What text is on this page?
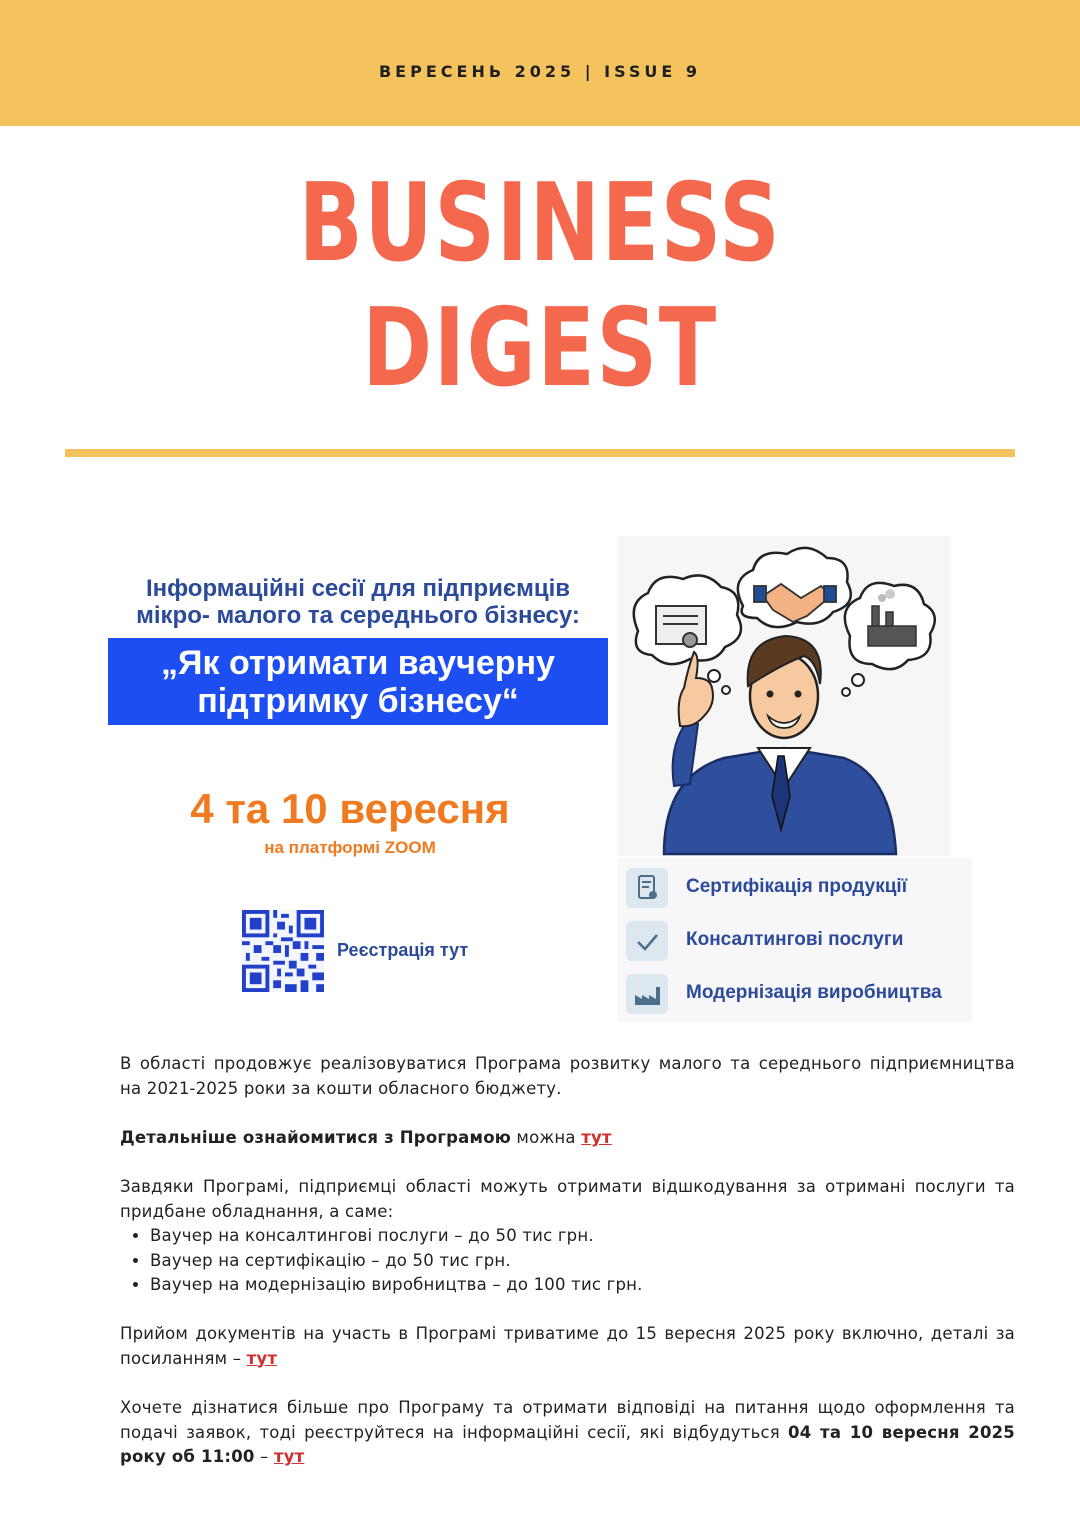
ВЕРЕСЕНЬ 2025 | ISSUE 9
BUSINESS
DIGEST
Інформаційні сесії для підприємців
мікро- малого та середнього бізнесу:
„Як отримати ваучерну
підтримку бізнесу“
4 та 10 вересня
на платформі ZOOM
Реєстрація тут
Сертифікація продукції
Консалтингові послуги
Модернізація виробництва
В області продовжує реалізовуватися Програма розвитку малого та середнього підприємництва на 2021-2025 роки за кошти обласного бюджету.
Детальніше ознайомитися з Програмою можна тут
Завдяки Програмі, підприємці області можуть отримати відшкодування за отримані послуги та придбане обладнання, а саме:
• Ваучер на консалтингові послуги – до 50 тис грн.
• Ваучер на сертифікацію – до 50 тис грн.
• Ваучер на модернізацію виробництва – до 100 тис грн.
Прийом документів на участь в Програмі триватиме до 15 вересня 2025 року включно, деталі за посиланням – тут
Хочете дізнатися більше про Програму та отримати відповіді на питання щодо оформлення та подачі заявок, тоді реєструйтеся на інформаційні сесії, які відбудуться 04 та 10 вересня 2025 року об 11:00 – тут
